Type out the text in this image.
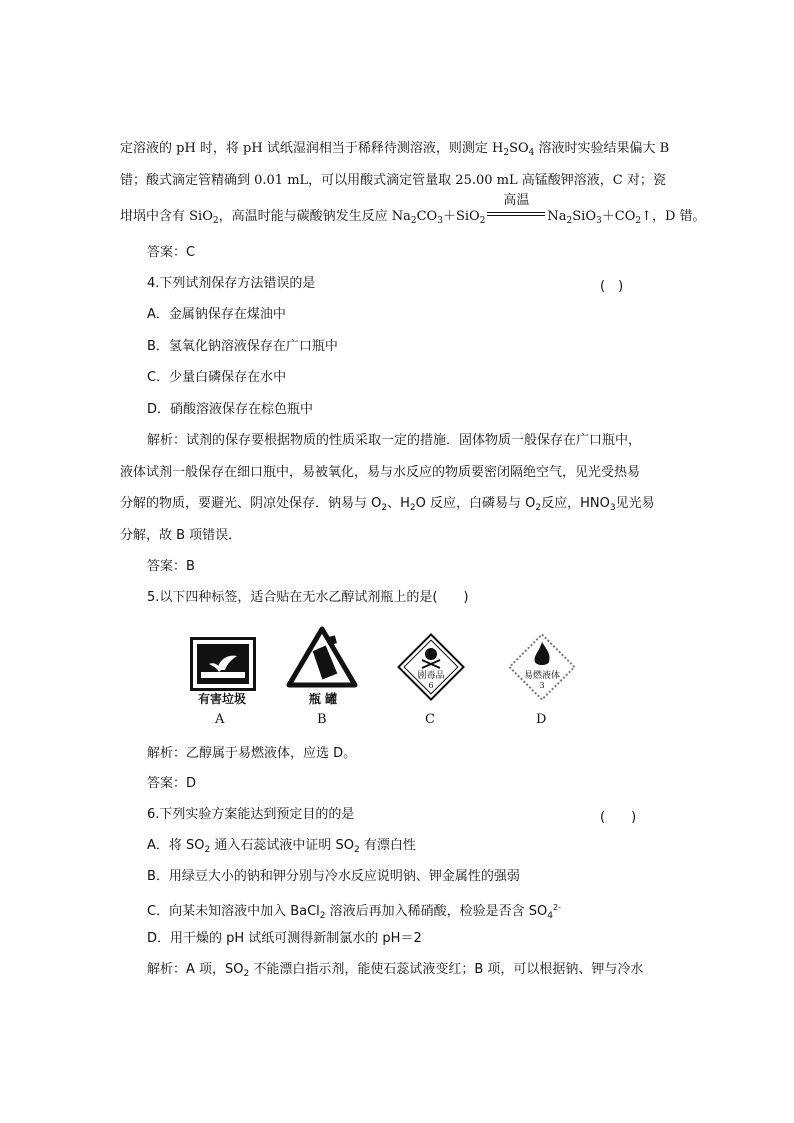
定溶液的 pH 时，将 pH 试纸湿润相当于稀释待测溶液，则测定 $H_2SO_4$ 溶液时实验结果偏大 B
错；酸式滴定管精确到 0.01 mL，可以用酸式滴定管量取 25.00 mL 高锰酸钾溶液，C 对；瓷
坩埚中含有 SiO$_2$，高温时能与碳酸钠发生反应 $Na_2CO_3+SiO_2$
高温
$Na_2SiO_3+CO_2↑$，D 错。
答案：C
4.下列试剂保存方法错误的是	(　)
A．金属钠保存在煤油中
B．氢氧化钠溶液保存在广口瓶中
C．少量白磷保存在水中
D．硝酸溶液保存在棕色瓶中
解析：试剂的保存要根据物质的性质采取一定的措施．固体物质一般保存在广口瓶中，
液体试剂一般保存在细口瓶中，易被氧化，易与水反应的物质要密闭隔绝空气，见光受热易
分解的物质，要避光、阴凉处保存．钠易与 $O_2$、$H_2O$ 反应，白磷易与 $O_2$反应，$HNO_3$见光易
分解，故 B 项错误．
答案：B
5.以下四种标签，适合贴在无水乙醇试剂瓶上的是(　　)
有害垃圾	瓶 罐
剧毒品
6
易燃液体
3
A	B	C	D
解析：乙醇属于易燃液体，应选 D。
答案：D
6.下列实验方案能达到预定目的的是	(　　)
A．将 $SO_2$ 通入石蕊试液中证明 $SO_2$ 有漂白性
B．用绿豆大小的钠和钾分别与冷水反应说明钠、钾金属性的强弱
C．向某未知溶液中加入 BaCl$_2$ 溶液后再加入稀硝酸，检验是否含 $SO_4^{2-}$
D．用干燥的 pH 试纸可测得新制氯水的 pH＝2
解析：A 项，$SO_2$ 不能漂白指示剂，能使石蕊试液变红；B 项，可以根据钠、钾与冷水
